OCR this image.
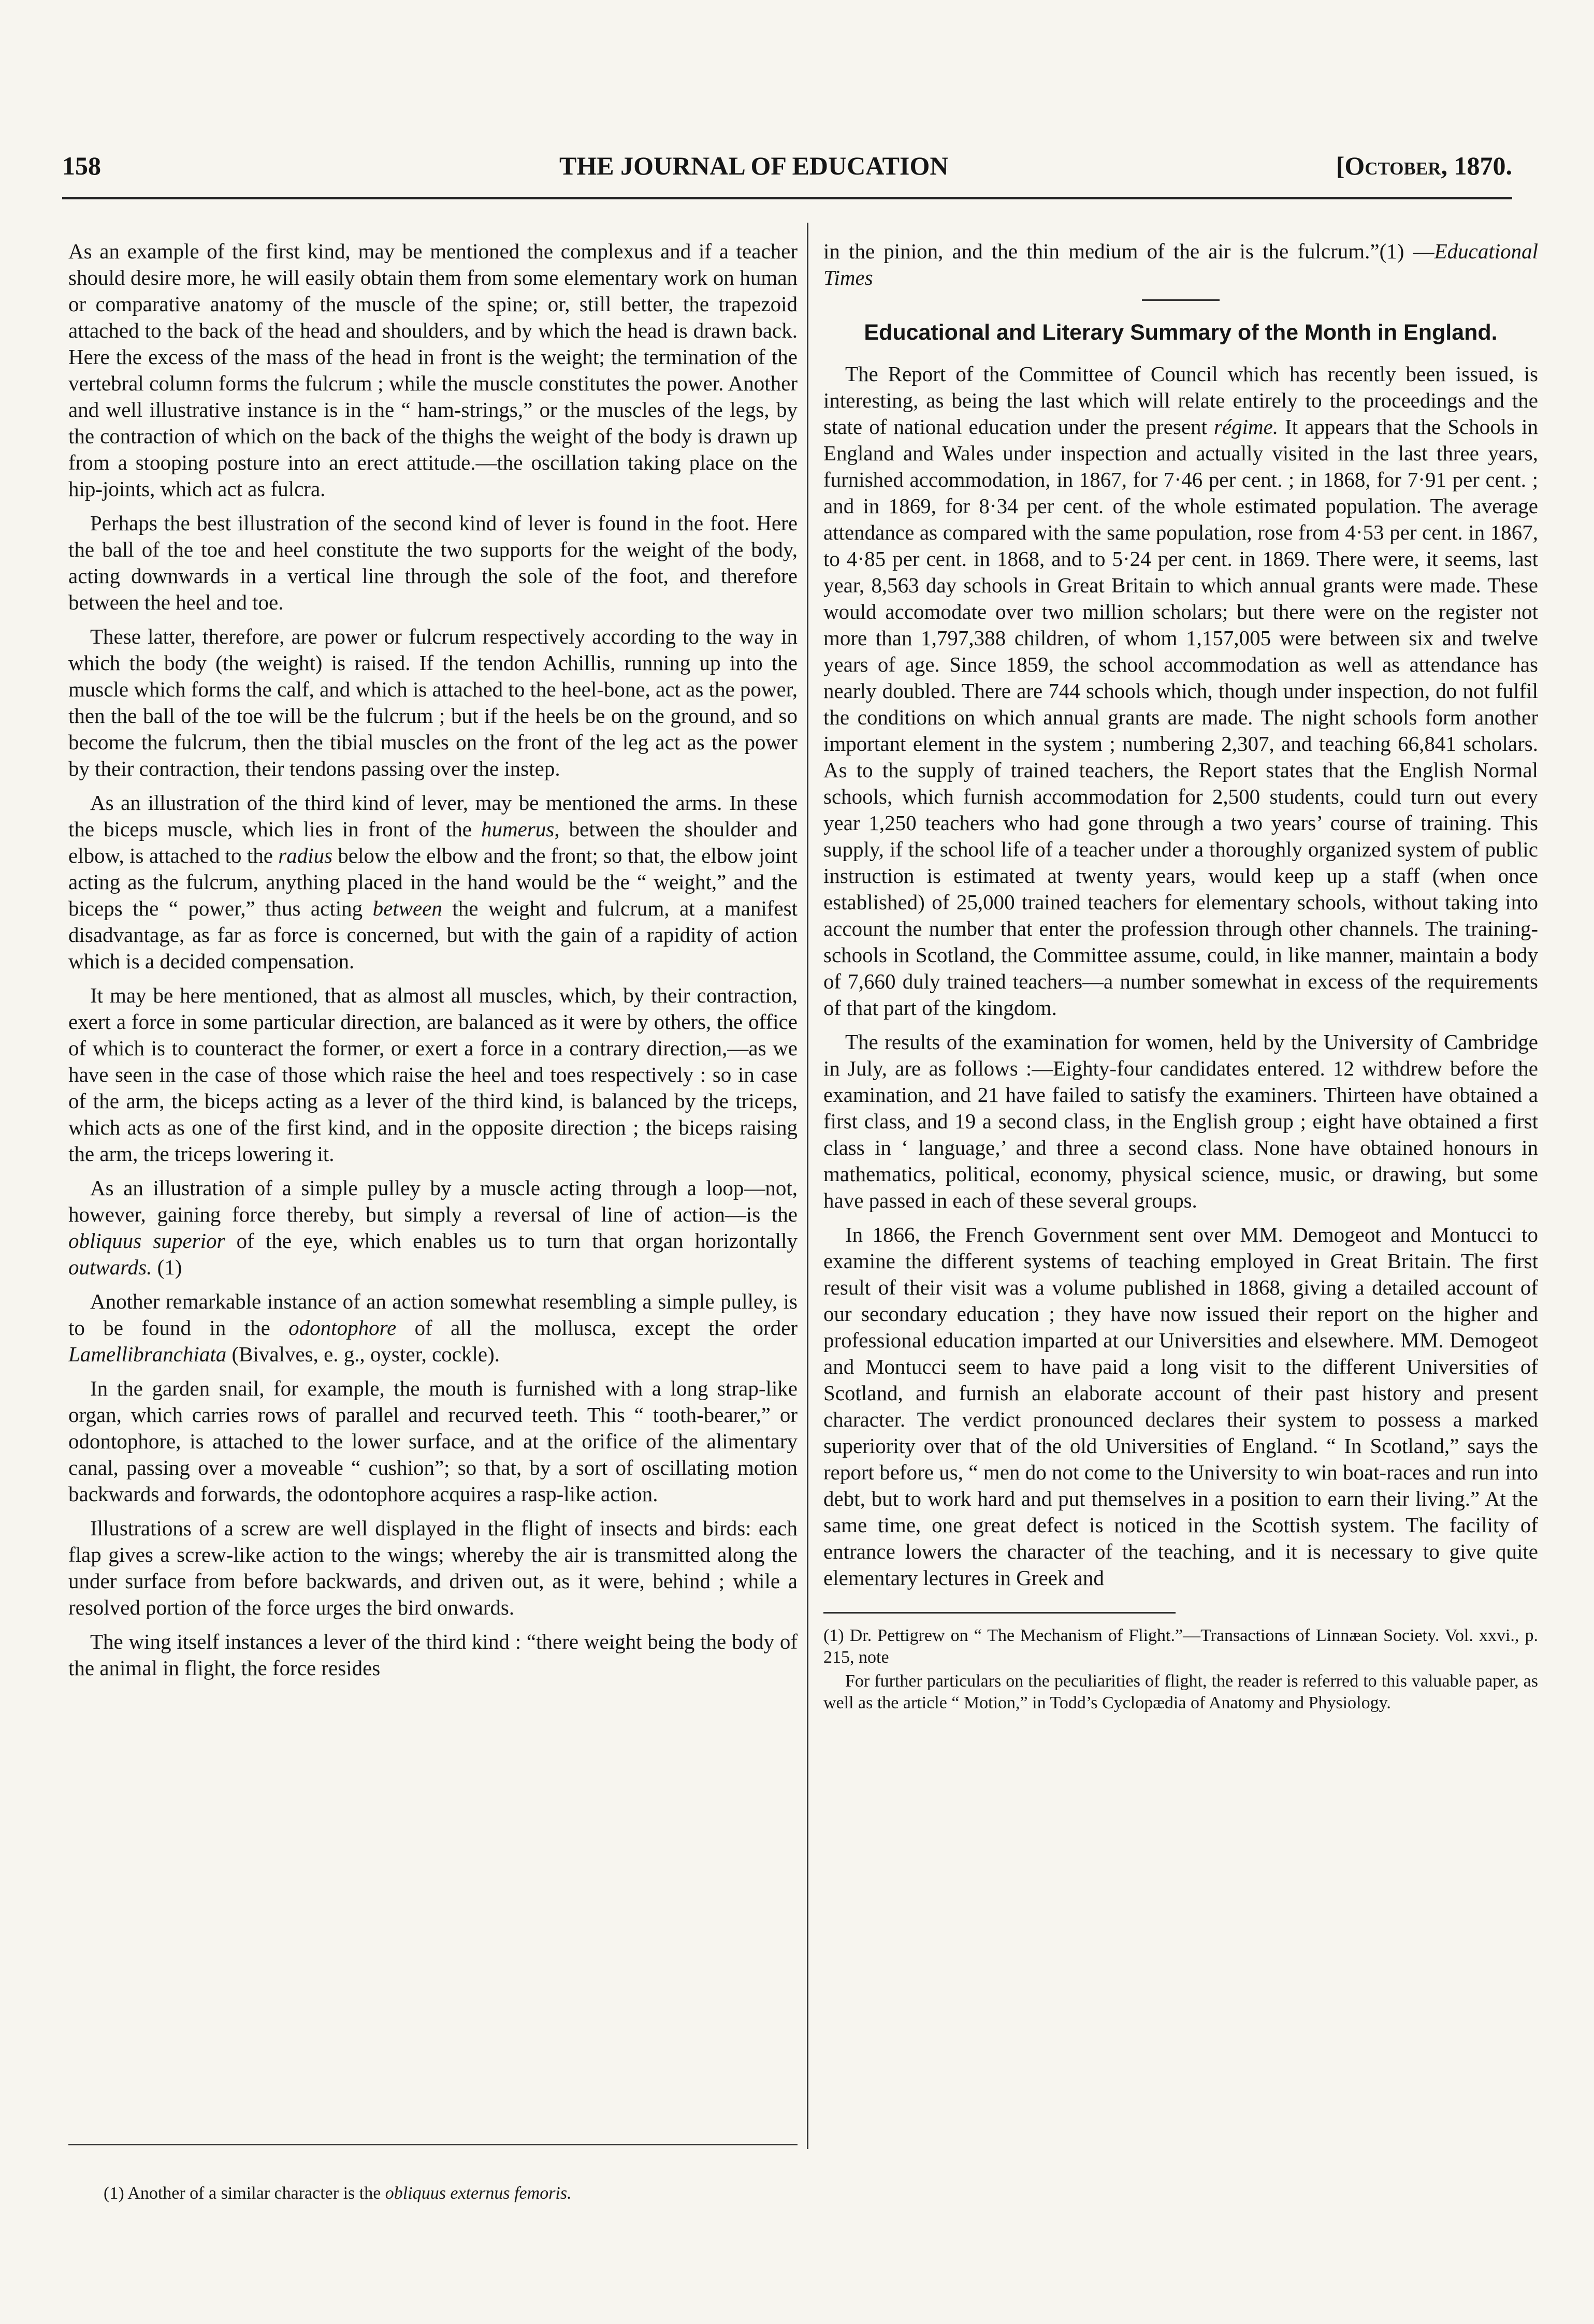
158	THE JOURNAL OF EDUCATION	[October, 1870.

As an example of the first kind, may be mentioned the complexus and if a teacher should desire more, he will easily obtain them from some elementary work on human or comparative anatomy of the muscle of the spine; or, still better, the trapezoid attached to the back of the head and shoulders, and by which the head is drawn back. Here the excess of the mass of the head in front is the weight; the termination of the vertebral column forms the fulcrum ; while the muscle constitutes the power. Another and well illustrative instance is in the “ ham-strings,” or the muscles of the legs, by the contraction of which on the back of the thighs the weight of the body is drawn up from a stooping posture into an erect attitude.—the oscillation taking place on the hip-joints, which act as fulcra.

Perhaps the best illustration of the second kind of lever is found in the foot. Here the ball of the toe and heel constitute the two supports for the weight of the body, acting downwards in a vertical line through the sole of the foot, and therefore between the heel and toe.

These latter, therefore, are power or fulcrum respectively according to the way in which the body (the weight) is raised. If the tendon Achillis, running up into the muscle which forms the calf, and which is attached to the heel-bone, act as the power, then the ball of the toe will be the fulcrum ; but if the heels be on the ground, and so become the fulcrum, then the tibial muscles on the front of the leg act as the power by their contraction, their tendons passing over the instep.

As an illustration of the third kind of lever, may be mentioned the arms. In these the biceps muscle, which lies in front of the humerus, between the shoulder and elbow, is attached to the radius below the elbow and the front; so that, the elbow joint acting as the fulcrum, anything placed in the hand would be the “ weight,” and the biceps the “ power,” thus acting between the weight and fulcrum, at a manifest disadvantage, as far as force is concerned, but with the gain of a rapidity of action which is a decided compensation.

It may be here mentioned, that as almost all muscles, which, by their contraction, exert a force in some particular direction, are balanced as it were by others, the office of which is to counteract the former, or exert a force in a contrary direction,—as we have seen in the case of those which raise the heel and toes respectively : so in case of the arm, the biceps acting as a lever of the third kind, is balanced by the triceps, which acts as one of the first kind, and in the opposite direction ; the biceps raising the arm, the triceps lowering it.

As an illustration of a simple pulley by a muscle acting through a loop—not, however, gaining force thereby, but simply a reversal of line of action—is the obliquus superior of the eye, which enables us to turn that organ horizontally outwards. (1)

Another remarkable instance of an action somewhat resembling a simple pulley, is to be found in the odontophore of all the mollusca, except the order Lamellibranchiata (Bivalves, e. g., oyster, cockle).

In the garden snail, for example, the mouth is furnished with a long strap-like organ, which carries rows of parallel and recurved teeth. This “ tooth-bearer,” or odontophore, is attached to the lower surface, and at the orifice of the alimentary canal, passing over a moveable “ cushion”; so that, by a sort of oscillating motion backwards and forwards, the odontophore acquires a rasp-like action.

Illustrations of a screw are well displayed in the flight of insects and birds: each flap gives a screw-like action to the wings; whereby the air is transmitted along the under surface from before backwards, and driven out, as it were, behind ; while a resolved portion of the force urges the bird onwards.

The wing itself instances a lever of the third kind : “there weight being the body of the animal in flight, the force resides

(1) Another of a similar character is the obliquus externus femoris.

in the pinion, and the thin medium of the air is the fulcrum.”(1) —Educational Times

Educational and Literary Summary of the Month in England.

The Report of the Committee of Council which has recently been issued, is interesting, as being the last which will relate entirely to the proceedings and the state of national education under the present régime. It appears that the Schools in England and Wales under inspection and actually visited in the last three years, furnished accommodation, in 1867, for 7·46 per cent. ; in 1868, for 7·91 per cent. ; and in 1869, for 8·34 per cent. of the whole estimated population. The average attendance as compared with the same population, rose from 4·53 per cent. in 1867, to 4·85 per cent. in 1868, and to 5·24 per cent. in 1869. There were, it seems, last year, 8,563 day schools in Great Britain to which annual grants were made. These would accomodate over two million scholars; but there were on the register not more than 1,797,388 children, of whom 1,157,005 were between six and twelve years of age. Since 1859, the school accommodation as well as attendance has nearly doubled. There are 744 schools which, though under inspection, do not fulfil the conditions on which annual grants are made. The night schools form another important element in the system ; numbering 2,307, and teaching 66,841 scholars. As to the supply of trained teachers, the Report states that the English Normal schools, which furnish accommodation for 2,500 students, could turn out every year 1,250 teachers who had gone through a two years’ course of training. This supply, if the school life of a teacher under a thoroughly organized system of public instruction is estimated at twenty years, would keep up a staff (when once established) of 25,000 trained teachers for elementary schools, without taking into account the number that enter the profession through other channels. The training-schools in Scotland, the Committee assume, could, in like manner, maintain a body of 7,660 duly trained teachers—a number somewhat in excess of the requirements of that part of the kingdom.

The results of the examination for women, held by the University of Cambridge in July, are as follows :—Eighty-four candidates entered. 12 withdrew before the examination, and 21 have failed to satisfy the examiners. Thirteen have obtained a first class, and 19 a second class, in the English group ; eight have obtained a first class in ‘ language,’ and three a second class. None have obtained honours in mathematics, political, economy, physical science, music, or drawing, but some have passed in each of these several groups.

In 1866, the French Government sent over MM. Demogeot and Montucci to examine the different systems of teaching employed in Great Britain. The first result of their visit was a volume published in 1868, giving a detailed account of our secondary education ; they have now issued their report on the higher and professional education imparted at our Universities and elsewhere. MM. Demogeot and Montucci seem to have paid a long visit to the different Universities of Scotland, and furnish an elaborate account of their past history and present character. The verdict pronounced declares their system to possess a marked superiority over that of the old Universities of England. “ In Scotland,” says the report before us, “ men do not come to the University to win boat-races and run into debt, but to work hard and put themselves in a position to earn their living.” At the same time, one great defect is noticed in the Scottish system. The facility of entrance lowers the character of the teaching, and it is necessary to give quite elementary lectures in Greek and

(1) Dr. Pettigrew on “ The Mechanism of Flight.”—Transactions of Linnæan Society. Vol. xxvi., p. 215, note

For further particulars on the peculiarities of flight, the reader is referred to this valuable paper, as well as the article “ Motion,” in Todd’s Cyclopædia of Anatomy and Physiology.
